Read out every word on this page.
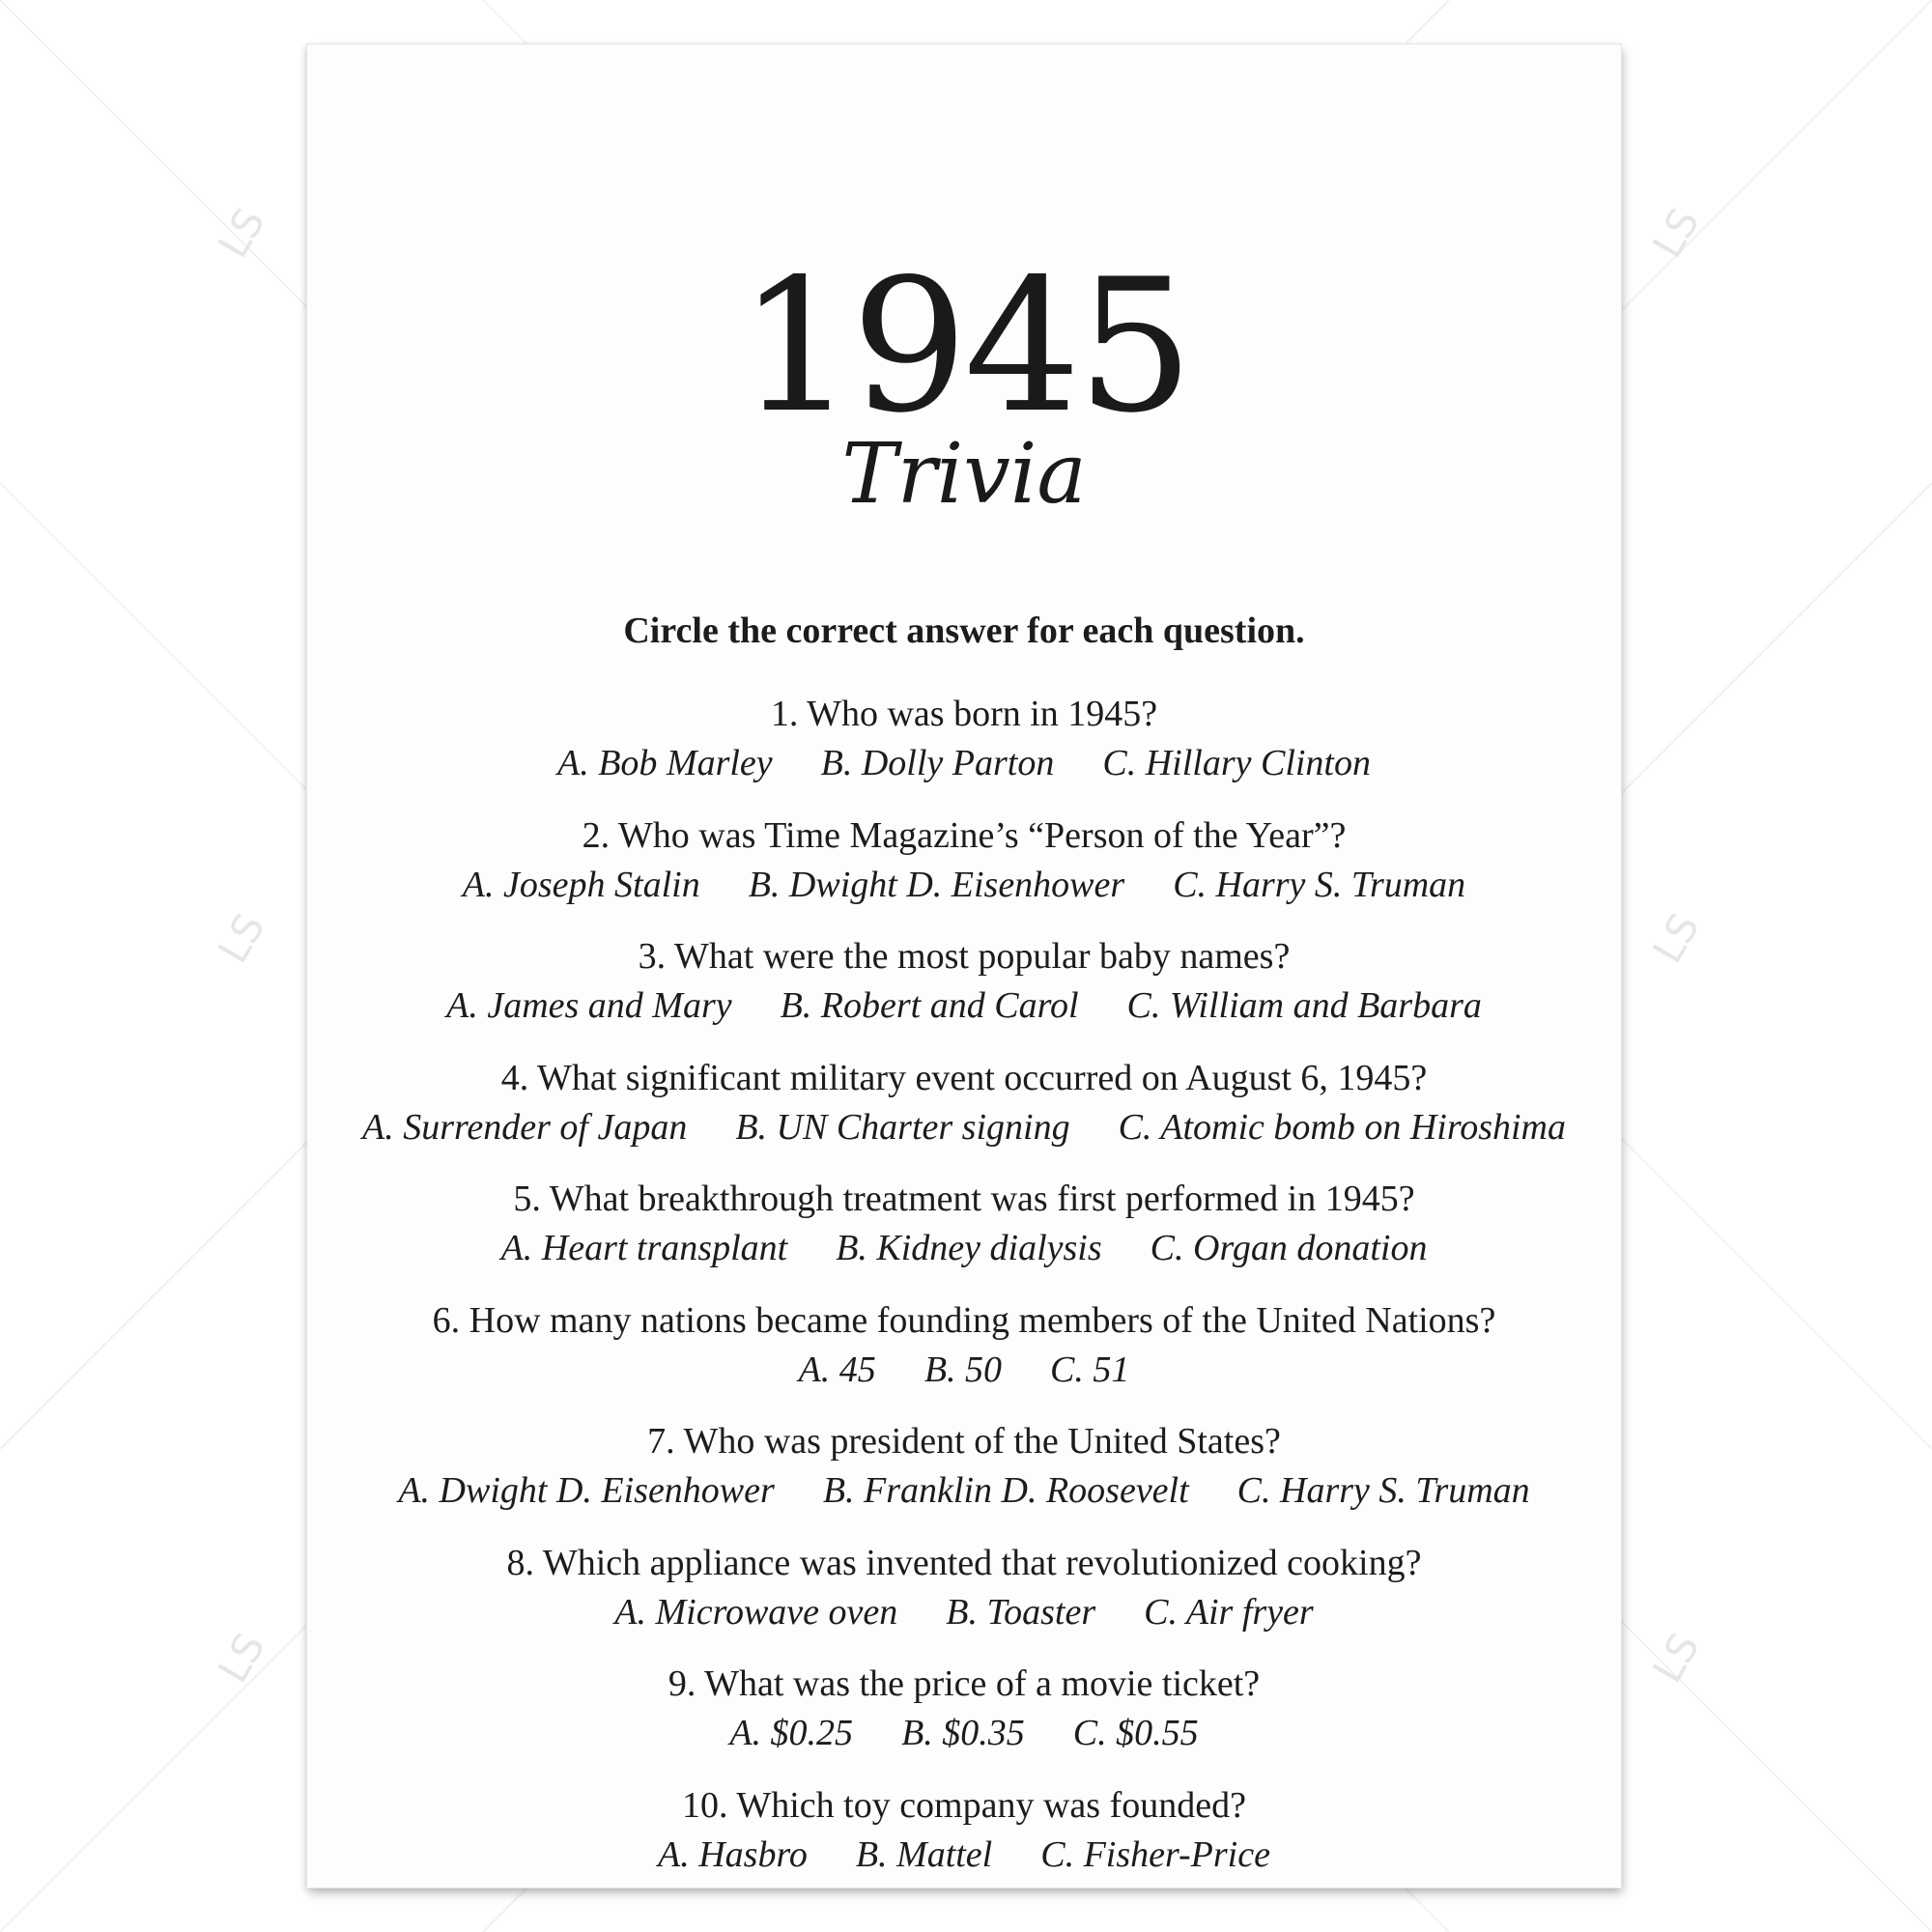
LS	LS
LS	LS
LS	LS
1945
Trivia
Circle the correct answer for each question.
1. Who was born in 1945?
A. Bob Marley B. Dolly Parton C. Hillary Clinton
2. Who was Time Magazine’s “Person of the Year”?
A. Joseph Stalin B. Dwight D. Eisenhower C. Harry S. Truman
3. What were the most popular baby names?
A. James and Mary B. Robert and Carol C. William and Barbara
4. What significant military event occurred on August 6, 1945?
A. Surrender of Japan B. UN Charter signing C. Atomic bomb on Hiroshima
5. What breakthrough treatment was first performed in 1945?
A. Heart transplant B. Kidney dialysis C. Organ donation
6. How many nations became founding members of the United Nations?
A. 45 B. 50 C. 51
7. Who was president of the United States?
A. Dwight D. Eisenhower B. Franklin D. Roosevelt C. Harry S. Truman
8. Which appliance was invented that revolutionized cooking?
A. Microwave oven B. Toaster C. Air fryer
9. What was the price of a movie ticket?
A. $0.25 B. $0.35 C. $0.55
10. Which toy company was founded?
A. Hasbro B. Mattel C. Fisher-Price
